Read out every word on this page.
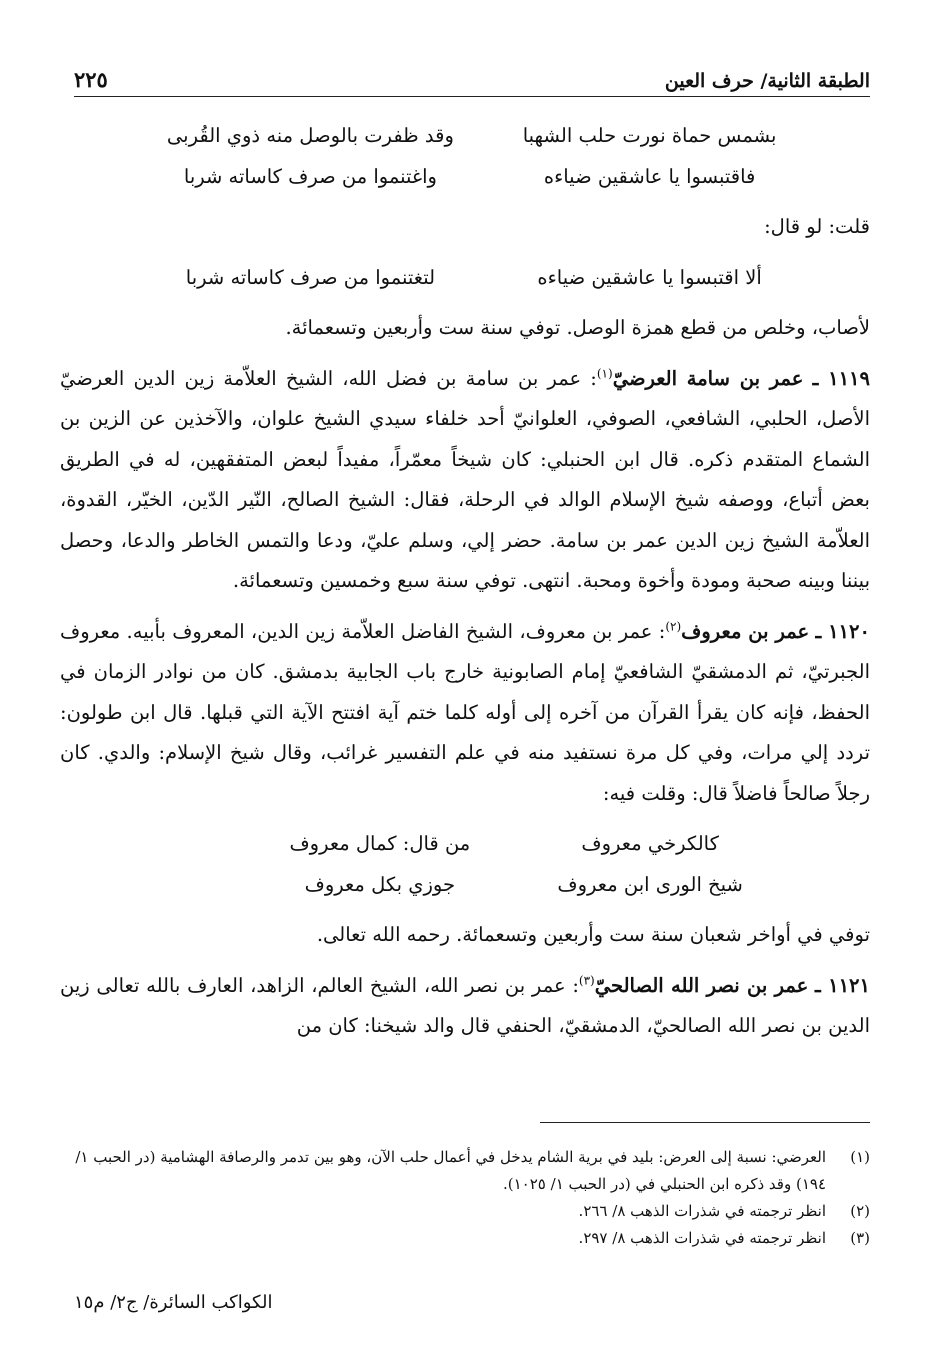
الطبقة الثانية/ حرف العين
٢٢٥
بشمس حماة نورت حلب الشهبا
وقد ظفرت بالوصل منه ذوي القُربى
فاقتبسوا يا عاشقين ضياءه
واغتنموا من صرف كاساته شربا

قلت: لو قال:

ألا اقتبسوا يا عاشقين ضياءه
لتغتنموا من صرف كاساته شربا

لأصاب، وخلص من قطع همزة الوصل. توفي سنة ست وأربعين وتسعمائة.

١١١٩ ـ عمر بن سامة العرضيّ$^{(١)}$: عمر بن سامة بن فضل الله، الشيخ العلاّمة زين الدين العرضيّ الأصل، الحلبي، الشافعي، الصوفي، العلوانيّ أحد خلفاء سيدي الشيخ علوان، والآخذين عن الزين بن الشماع المتقدم ذكره. قال ابن الحنبلي: كان شيخاً معمّراً، مفيداً لبعض المتفقهين، له في الطريق بعض أتباع، ووصفه شيخ الإسلام الوالد في الرحلة، فقال: الشيخ الصالح، النّير الدّين، الخيّر، القدوة، العلاّمة الشيخ زين الدين عمر بن سامة. حضر إلي، وسلم عليّ، ودعا والتمس الخاطر والدعا، وحصل بيننا وبينه صحبة ومودة وأخوة ومحبة. انتهى. توفي سنة سبع وخمسين وتسعمائة.

١١٢٠ ـ عمر بن معروف$^{(٢)}$: عمر بن معروف، الشيخ الفاضل العلاّمة زين الدين، المعروف بأبيه. معروف الجبرتيّ، ثم الدمشقيّ الشافعيّ إمام الصابونية خارج باب الجابية بدمشق. كان من نوادر الزمان في الحفظ، فإنه كان يقرأ القرآن من آخره إلى أوله كلما ختم آية افتتح الآية التي قبلها. قال ابن طولون: تردد إلي مرات، وفي كل مرة نستفيد منه في علم التفسير غرائب، وقال شيخ الإسلام: والدي. كان رجلاً صالحاً فاضلاً قال: وقلت فيه:

كالكرخي معروف
من قال: كمال معروف
شيخ الورى ابن معروف
جوزي بكل معروف

توفي في أواخر شعبان سنة ست وأربعين وتسعمائة. رحمه الله تعالى.

١١٢١ ـ عمر بن نصر الله الصالحيّ$^{(٣)}$: عمر بن نصر الله، الشيخ العالم، الزاهد، العارف بالله تعالى زين الدين بن نصر الله الصالحيّ، الدمشقيّ، الحنفي قال والد شيخنا: كان من

(١)
العرضي: نسبة إلى العرض: بليد في برية الشام يدخل في أعمال حلب الآن، وهو بين تدمر والرصافة الهشامية (در الحبب ١/ ١٩٤) وقد ذكره ابن الحنبلي في (در الحبب ١/ ١٠٢٥).
(٢)
انظر ترجمته في شذرات الذهب ٨/ ٢٦٦.
(٣)
انظر ترجمته في شذرات الذهب ٨/ ٢٩٧.
الكواكب السائرة/ ج٢/ م١٥
